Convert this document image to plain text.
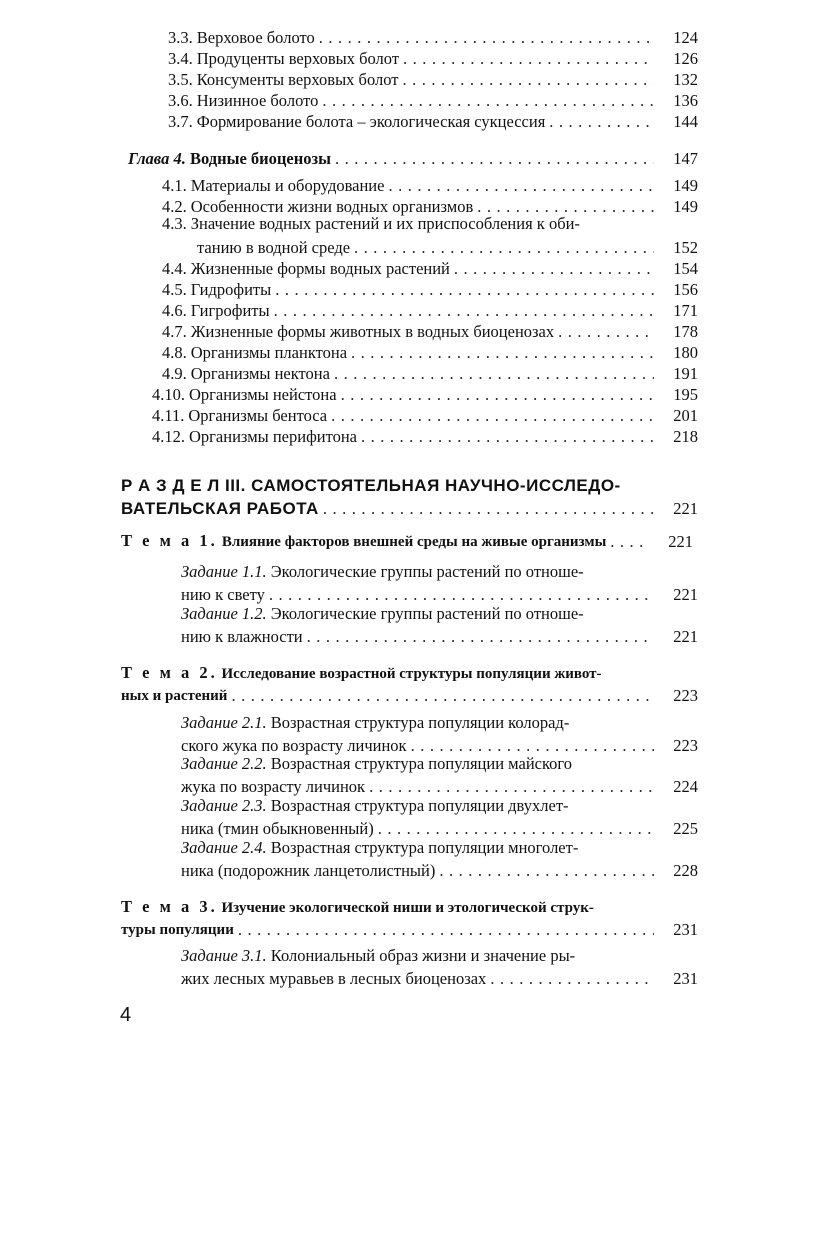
3.3. Верховое болото .....	124
3.4. Продуценты верховых болот .....	126
3.5. Консументы верховых болот .....	132
3.6. Низинное болото .....	136
3.7. Формирование болота – экологическая сукцессия .....	144
Глава 4. Водные биоценозы .....	147
4.1. Материалы и оборудование .....	149
4.2. Особенности жизни водных организмов .....	149
4.3. Значение водных растений и их приспособления к оби-
танию в водной среде .....	152
4.4. Жизненные формы водных растений .....	154
4.5. Гидрофиты .....	156
4.6. Гигрофиты .....	171
4.7. Жизненные формы животных в водных биоценозах .....	178
4.8. Организмы планктона .....	180
4.9. Организмы нектона .....	191
4.10. Организмы нейстона .....	195
4.11. Организмы бентоса .....	201
4.12. Организмы перифитона .....	218
Р А З Д Е Л III. САМОСТОЯТЕЛЬНАЯ НАУЧНО-ИССЛЕДО-
ВАТЕЛЬСКАЯ РАБОТА .....	221
Т е м а 1. Влияние факторов внешней среды на живые организмы .....	221
Задание 1.1. Экологические группы растений по отноше-
нию к свету .....	221
Задание 1.2. Экологические группы растений по отноше-
нию к влажности .....	221
Т е м а 2. Исследование возрастной структуры популяции живот-
ных и растений .....	223
Задание 2.1. Возрастная структура популяции колорад-
ского жука по возрасту личинок .....	223
Задание 2.2. Возрастная структура популяции майского
жука по возрасту личинок .....	224
Задание 2.3. Возрастная структура популяции двухлет-
ника (тмин обыкновенный) .....	225
Задание 2.4. Возрастная структура популяции многолет-
ника (подорожник ланцетолистный) .....	228
Т е м а 3. Изучение экологической ниши и этологической струк-
туры популяции .....	231
Задание 3.1. Колониальный образ жизни и значение ры-
жих лесных муравьев в лесных биоценозах .....	231
4
